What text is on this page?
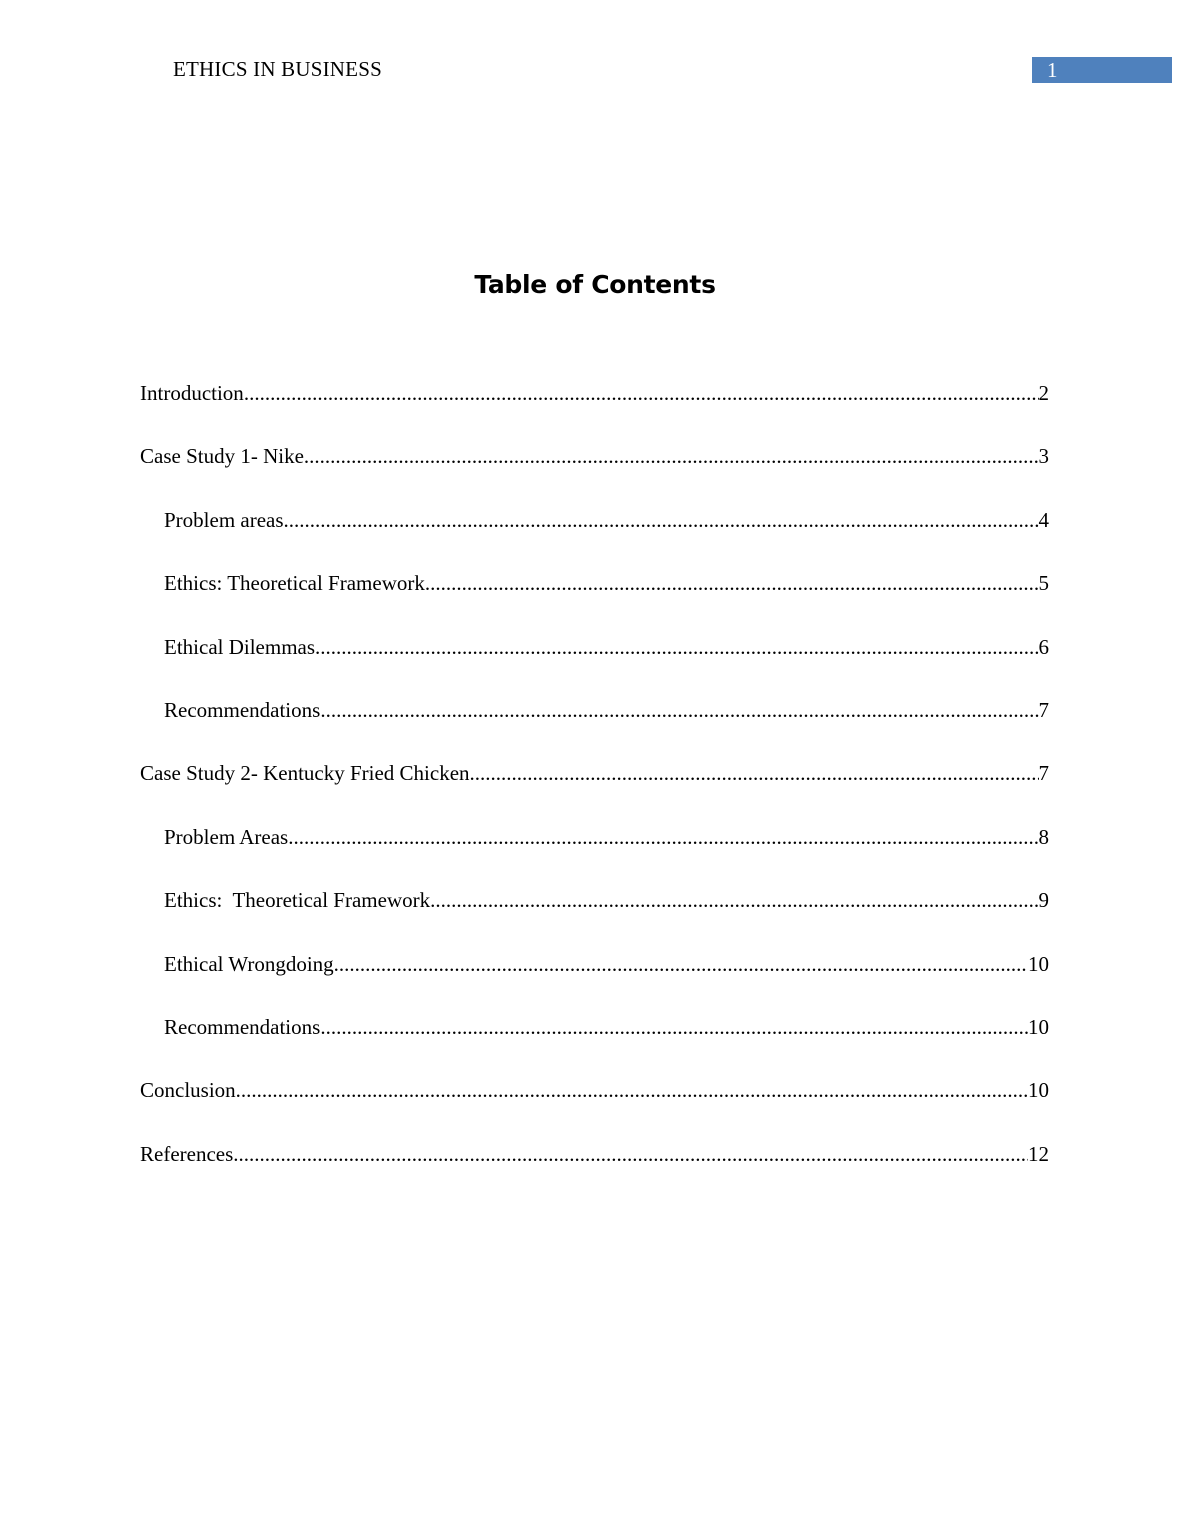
ETHICS IN BUSINESS	1
Table of Contents
Introduction .....	2
Case Study 1- Nike .....	3
Problem areas .....	4
Ethics: Theoretical Framework .....	5
Ethical Dilemmas .....	6
Recommendations .....	7
Case Study 2- Kentucky Fried Chicken .....	7
Problem Areas .....	8
Ethics:  Theoretical Framework .....	9
Ethical Wrongdoing .....	10
Recommendations .....	10
Conclusion .....	10
References .....	12
